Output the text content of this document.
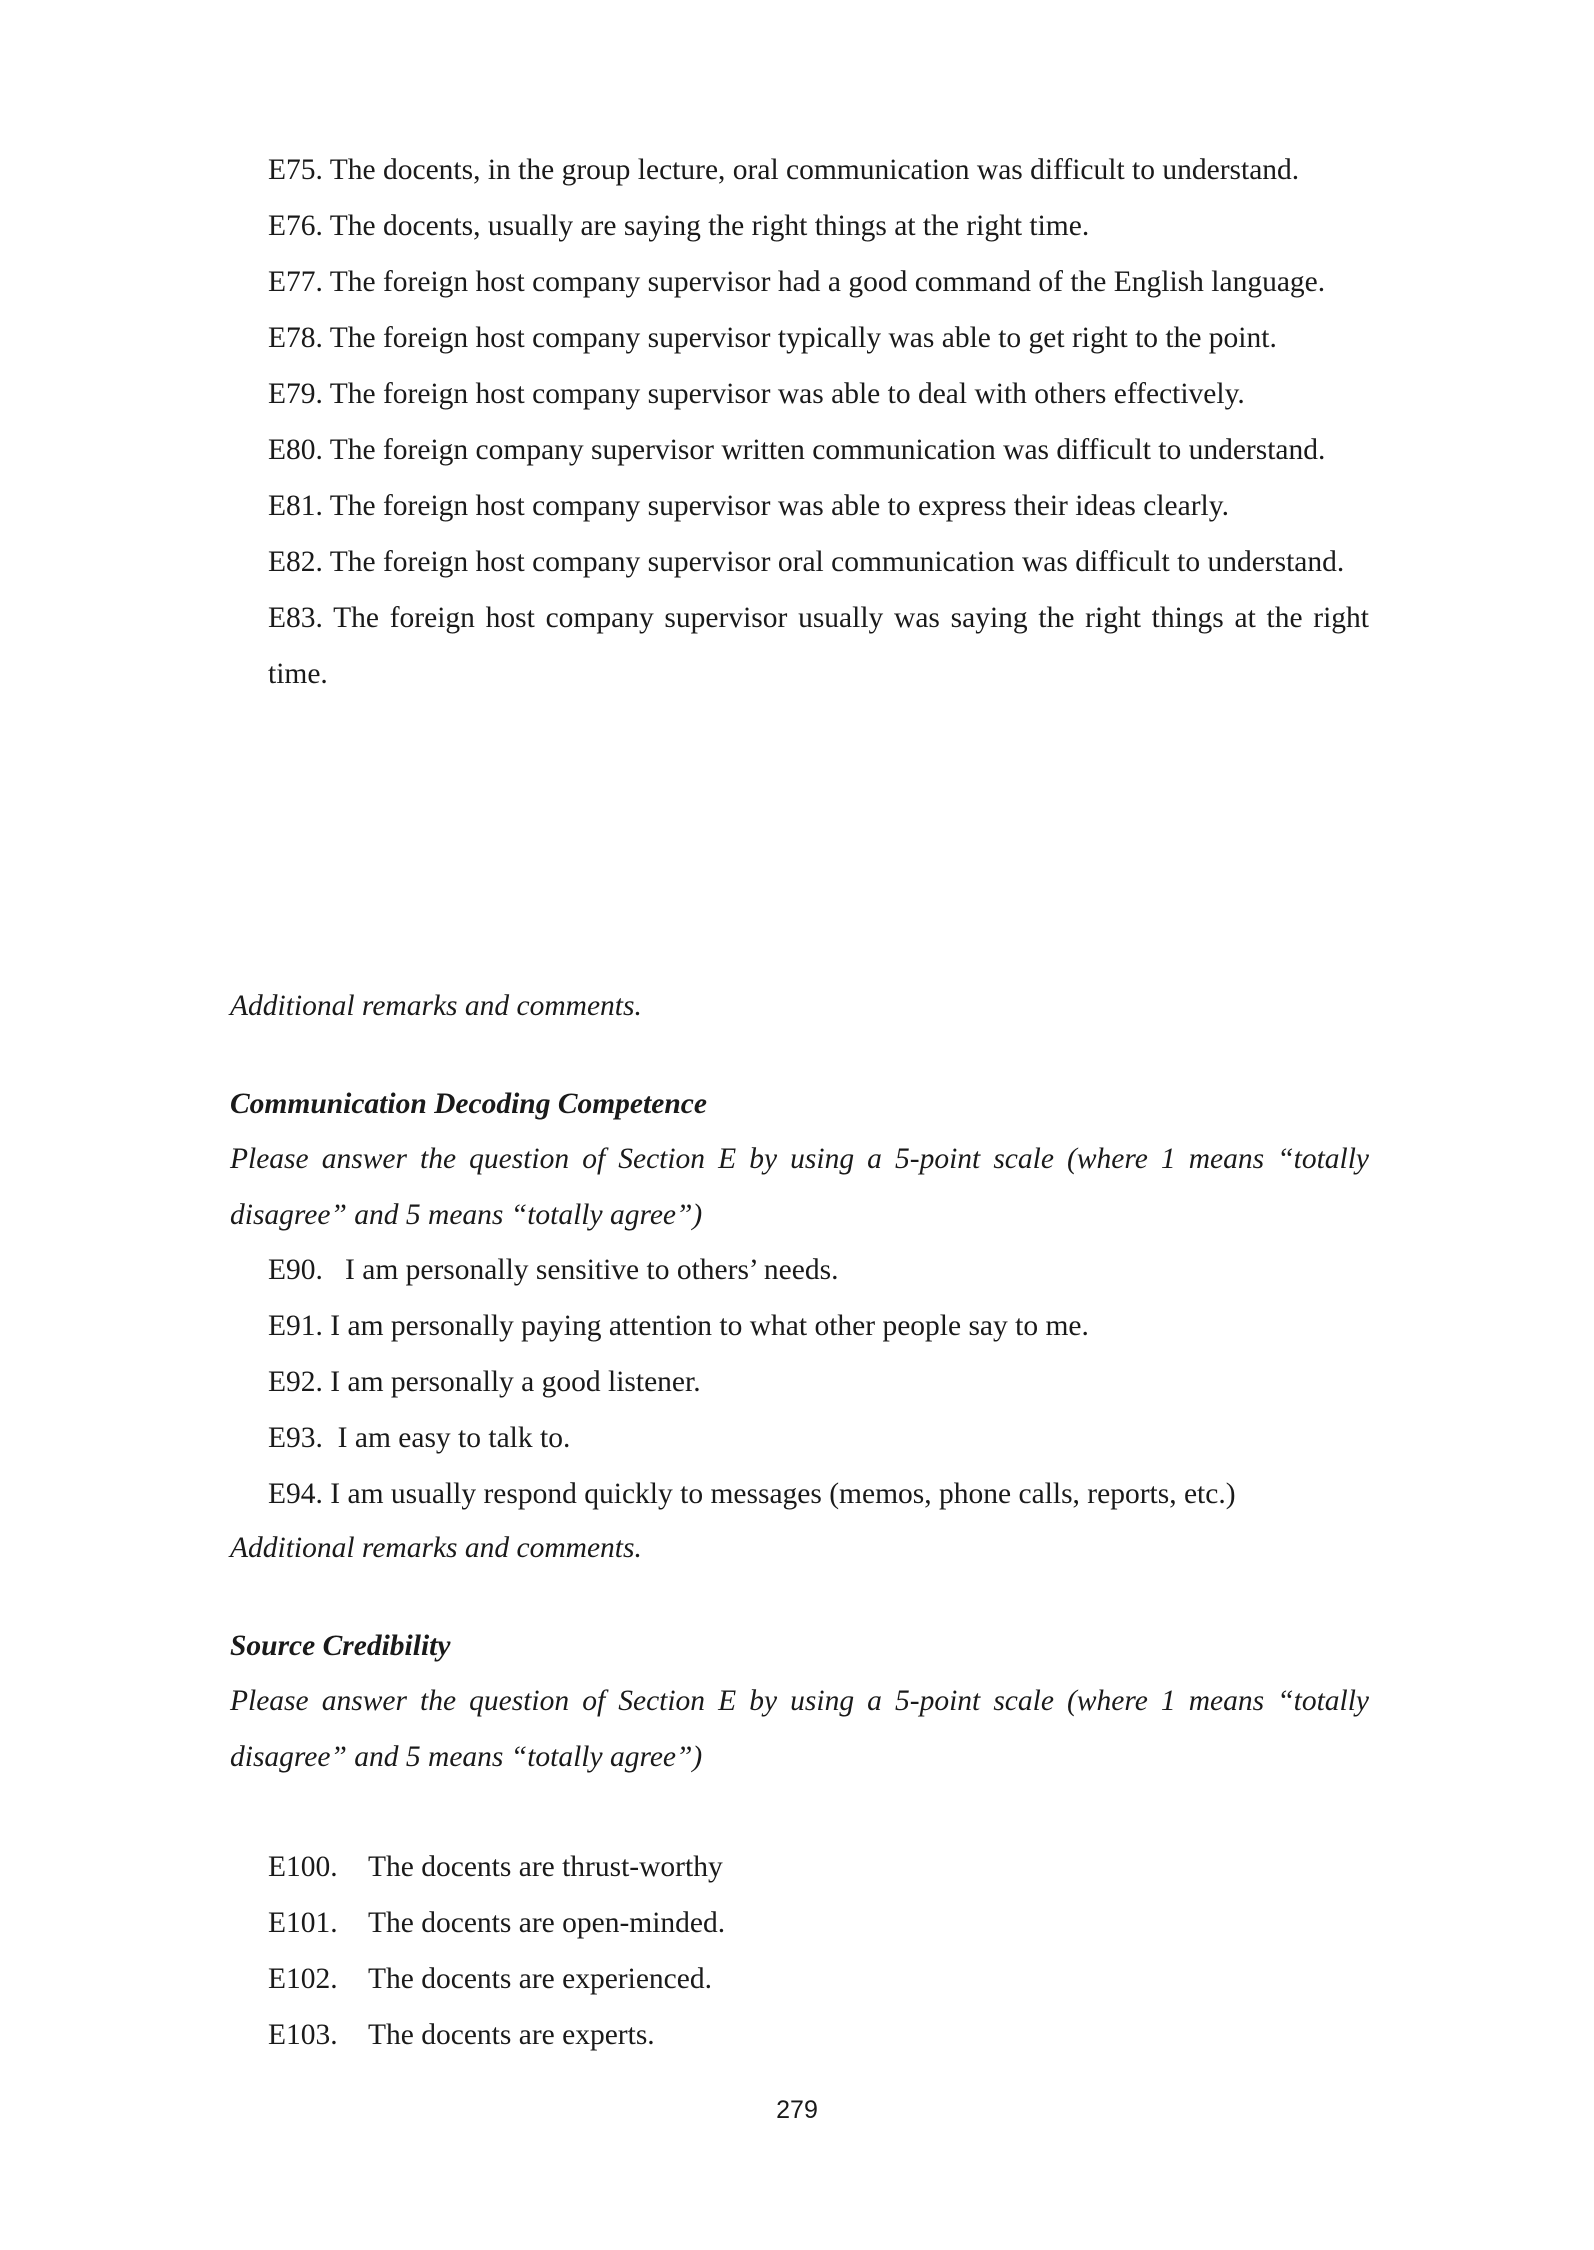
E75. The docents, in the group lecture, oral communication was difficult to understand.

E76. The docents, usually are saying the right things at the right time.

E77. The foreign host company supervisor had a good command of the English language.

E78. The foreign host company supervisor typically was able to get right to the point.

E79. The foreign host company supervisor was able to deal with others effectively.

E80. The foreign company supervisor written communication was difficult to understand.

E81. The foreign host company supervisor was able to express their ideas clearly.

E82. The foreign host company supervisor oral communication was difficult to understand.

E83. The foreign host company supervisor usually was saying the right things at the right time.

Additional remarks and comments.

Communication Decoding Competence

Please answer the question of Section E by using a 5-point scale (where 1 means “totally disagree” and 5 means “totally agree”)

E90. I am personally sensitive to others’ needs.

E91. I am personally paying attention to what other people say to me.

E92. I am personally a good listener.

E93. I am easy to talk to.

E94. I am usually respond quickly to messages (memos, phone calls, reports, etc.)

Additional remarks and comments.

Source Credibility

Please answer the question of Section E by using a 5-point scale (where 1 means “totally disagree” and 5 means “totally agree”)

E100.	The docents are thrust-worthy
E101.	The docents are open-minded.
E102.	The docents are experienced.
E103.	The docents are experts.
279
